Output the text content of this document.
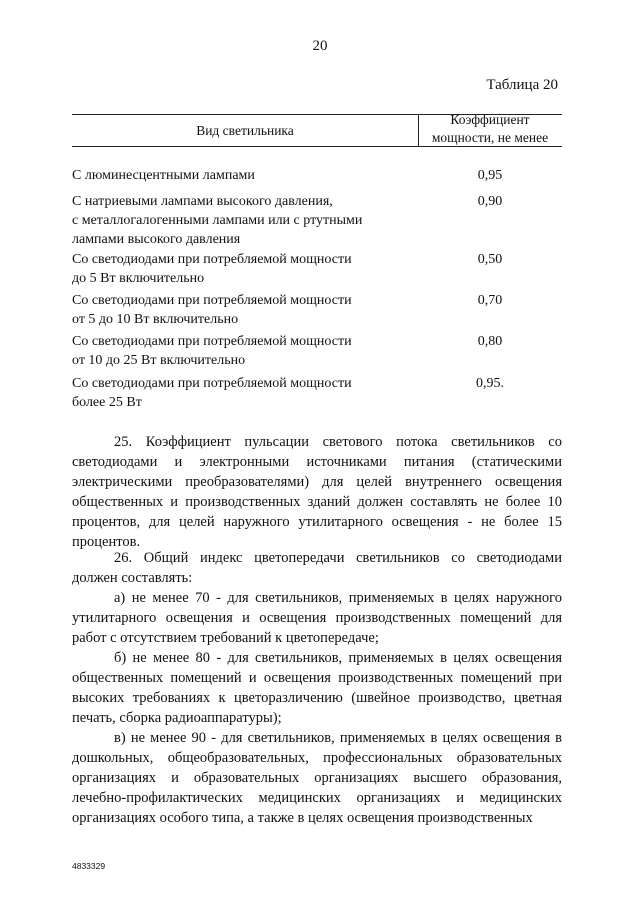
20
Таблица 20
Вид светильника
Коэффициент
мощности, не менее
С люминесцентными лампами	0,95
С натриевыми лампами высокого давления,
с металлогалогенными лампами или с ртутными
лампами высокого давления
0,90
Со светодиодами при потребляемой мощности
до 5 Вт включительно
0,50
Со светодиодами при потребляемой мощности
от 5 до 10 Вт включительно
0,70
Со светодиодами при потребляемой мощности
от 10 до 25 Вт включительно
0,80
Со светодиодами при потребляемой мощности
более 25 Вт
0,95.
25. Коэффициент пульсации светового потока светильников со светодиодами и электронными источниками питания (статическими электрическими преобразователями) для целей внутреннего освещения общественных и производственных зданий должен составлять не более 10 процентов, для целей наружного утилитарного освещения - не более 15 процентов.
26. Общий индекс цветопередачи светильников со светодиодами должен составлять:
а) не менее 70 - для светильников, применяемых в целях наружного утилитарного освещения и освещения производственных помещений для работ с отсутствием требований к цветопередаче;
б) не менее 80 - для светильников, применяемых в целях освещения общественных помещений и освещения производственных помещений при высоких требованиях к цветоразличению (швейное производство, цветная печать, сборка радиоаппаратуры);
в) не менее 90 - для светильников, применяемых в целях освещения в дошкольных, общеобразовательных, профессиональных образовательных организациях и образовательных организациях высшего образования, лечебно-профилактических медицинских организациях и медицинских организациях особого типа, а также в целях освещения производственных
4833329
